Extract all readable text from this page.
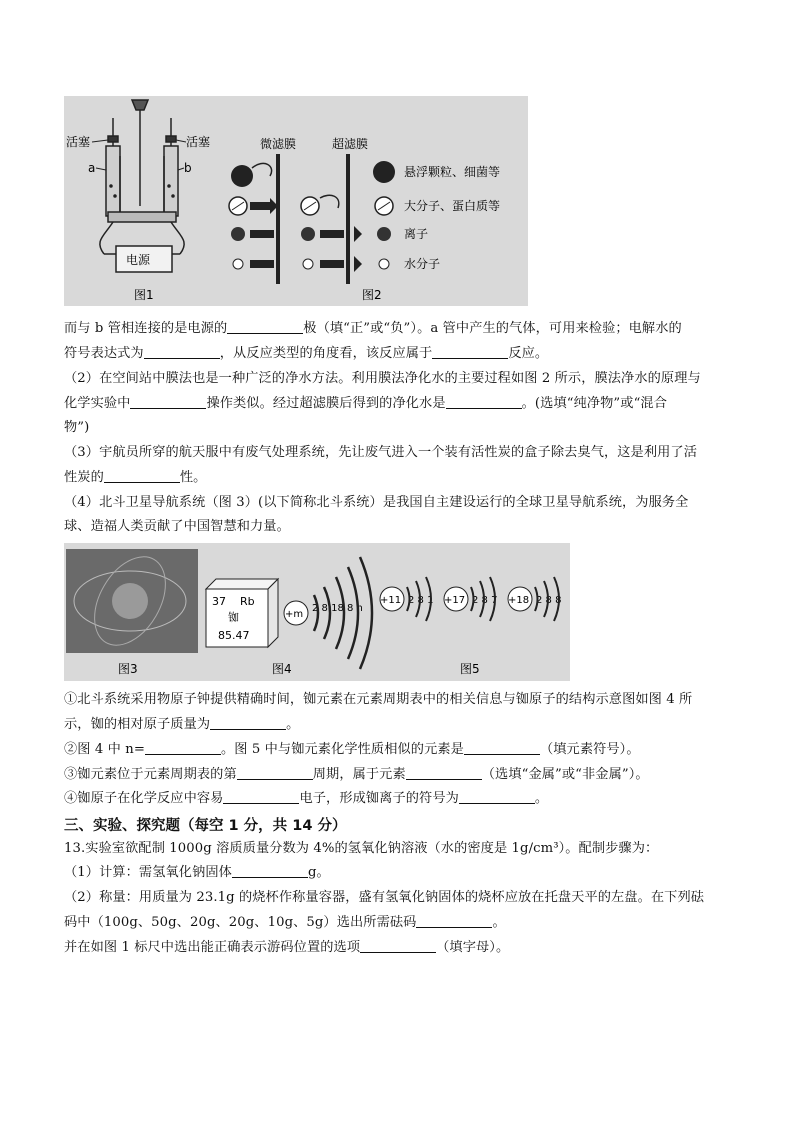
活塞	活塞
a	b
电源
图1
微滤膜	超滤膜
悬浮颗粒、细菌等
大分子、蛋白质等
离子
水分子
图2
而与 b 管相连接的是电源的	极（填“正”或“负”）。a 管中产生的气体，可用来检验；电解水的
符号表达式为	，从反应类型的角度看，该反应属于	反应。
（2）在空间站中膜法也是一种广泛的净水方法。利用膜法净化水的主要过程如图 2 所示，膜法净水的原理与
化学实验中	操作类似。经过超滤膜后得到的净化水是	。(选填“纯净物”或“混合
物”)
（3）宇航员所穿的航天服中有废气处理系统，先让废气进入一个装有活性炭的盒子除去臭气，这是利用了活
性炭的	性。
（4）北斗卫星导航系统（图 3）(以下简称北斗系统）是我国自主建设运行的全球卫星导航系统，为服务全
球、造福人类贡献了中国智慧和力量。
图3
37 Rb
铷
85.47
+m
2 8 18 8 n
图4
+11 2 8 1 +17 2 8 7 +18 2 8 8
图5
①北斗系统采用物原子钟提供精确时间，铷元素在元素周期表中的相关信息与铷原子的结构示意图如图 4 所
示，铷的相对原子质量为	。
②图 4 中 n=	。图 5 中与铷元素化学性质相似的元素是	（填元素符号）。
③铷元素位于元素周期表的第	周期，属于元素	（选填“金属”或“非金属”）。
④铷原子在化学反应中容易	电子，形成铷离子的符号为	。
三、实验、探究题（每空 1 分，共 14 分）
13.实验室欲配制 1000g 溶质质量分数为 4%的氢氧化钠溶液（水的密度是 1g/cm³）。配制步骤为：
（1）计算：需氢氧化钠固体	g。
（2）称量：用质量为 23.1g 的烧杯作称量容器，盛有氢氧化钠固体的烧杯应放在托盘天平的左盘。在下列砝
码中（100g、50g、20g、20g、10g、5g）选出所需砝码	。
并在如图 1 标尺中选出能正确表示游码位置的选项	（填字母）。
